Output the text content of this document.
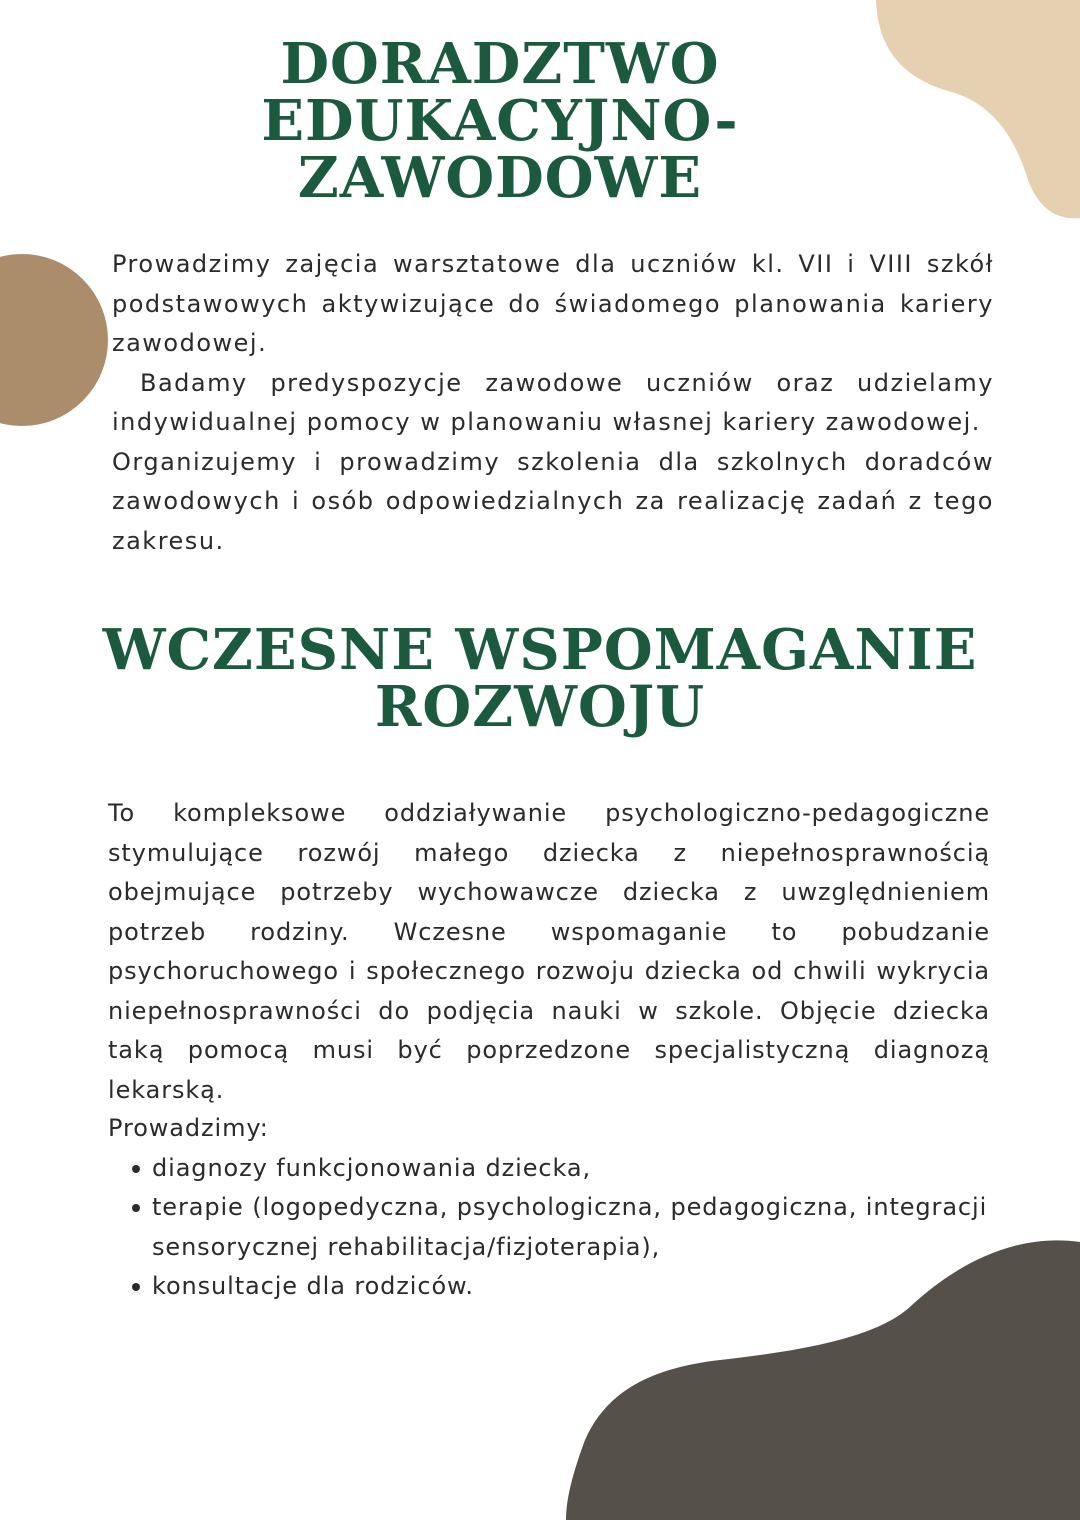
DORADZTWO
EDUKACYJNO-ZAWODOWE

Prowadzimy zajęcia warsztatowe dla uczniów kl. VII i VIII szkół podstawowych aktywizujące do świadomego planowania kariery zawodowej.

Badamy predyspozycje zawodowe uczniów oraz udzielamy indywidualnej pomocy w planowaniu własnej kariery zawodowej.

Organizujemy i prowadzimy szkolenia dla szkolnych doradców zawodowych i osób odpowiedzialnych za realizację zadań z tego zakresu.

WCZESNE WSPOMAGANIE
ROZWOJU

To kompleksowe oddziaływanie psychologiczno-pedagogiczne stymulujące rozwój małego dziecka z niepełnosprawnością obejmujące potrzeby wychowawcze dziecka z uwzględnieniem potrzeb rodziny. Wczesne wspomaganie to pobudzanie psychoruchowego i społecznego rozwoju dziecka od chwili wykrycia niepełnosprawności do podjęcia nauki w szkole. Objęcie dziecka taką pomocą musi być poprzedzone specjalistyczną diagnozą lekarską.

Prowadzimy:

diagnozy funkcjonowania dziecka,
terapie (logopedyczna, psychologiczna, pedagogiczna, integracji sensorycznej rehabilitacja/fizjoterapia),
konsultacje dla rodziców.
